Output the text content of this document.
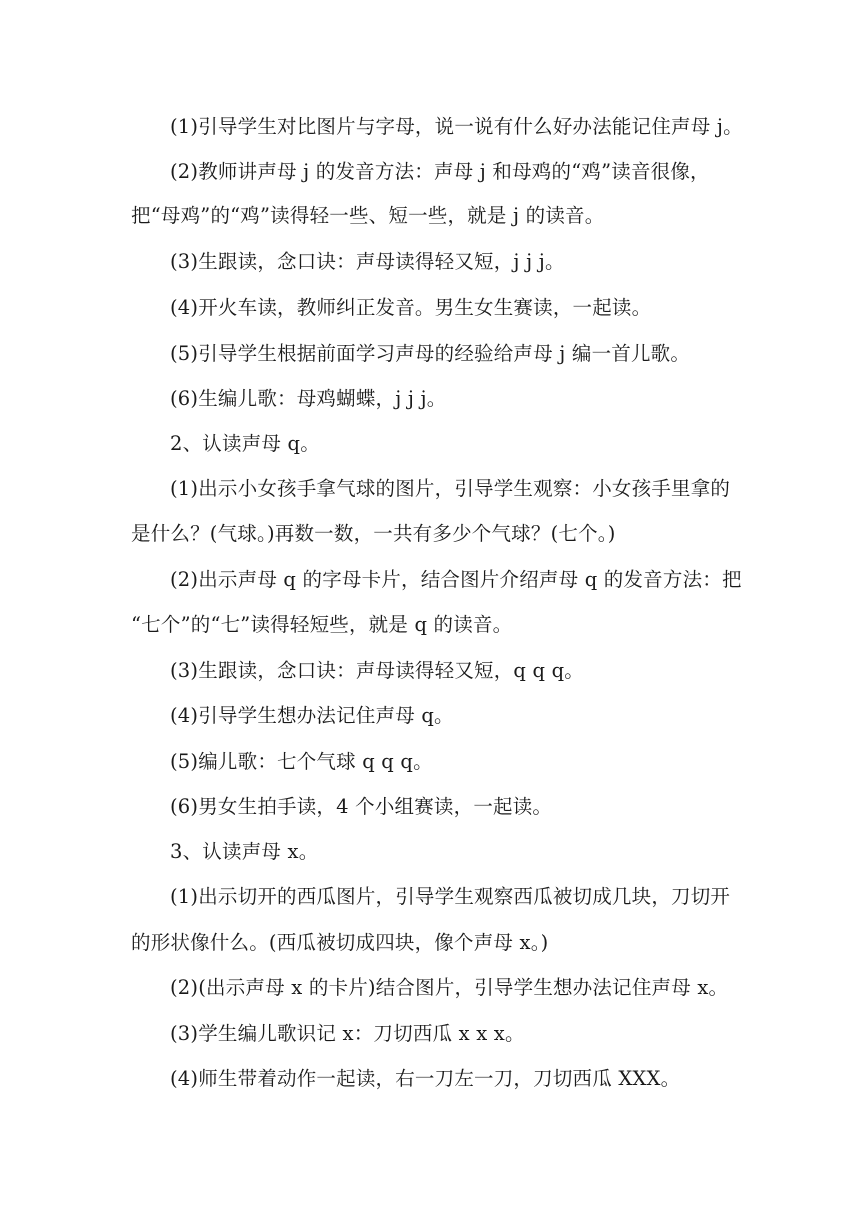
(1)引导学生对比图片与字母，说一说有什么好办法能记住声母 j。
(2)教师讲声母 j 的发音方法：声母 j 和母鸡的“鸡”读音很像，
把“母鸡”的“鸡”读得轻一些、短一些，就是 j 的读音。
(3)生跟读，念口诀：声母读得轻又短，j j j。
(4)开火车读，教师纠正发音。男生女生赛读，一起读。
(5)引导学生根据前面学习声母的经验给声母 j 编一首儿歌。
(6)生编儿歌：母鸡蝴蝶，j j j。
2、认读声母 q。
(1)出示小女孩手拿气球的图片，引导学生观察：小女孩手里拿的
是什么？(气球。)再数一数，一共有多少个气球？(七个。)
(2)出示声母 q 的字母卡片，结合图片介绍声母 q 的发音方法：把
“七个”的“七”读得轻短些，就是 q 的读音。
(3)生跟读，念口诀：声母读得轻又短，q q q。
(4)引导学生想办法记住声母 q。
(5)编儿歌：七个气球 q q q。
(6)男女生拍手读，4 个小组赛读，一起读。
3、认读声母 x。
(1)出示切开的西瓜图片，引导学生观察西瓜被切成几块，刀切开
的形状像什么。(西瓜被切成四块，像个声母 x。)
(2)(出示声母 x 的卡片)结合图片，引导学生想办法记住声母 x。
(3)学生编儿歌识记 x：刀切西瓜 x x x。
(4)师生带着动作一起读，右一刀左一刀，刀切西瓜 XXX。
